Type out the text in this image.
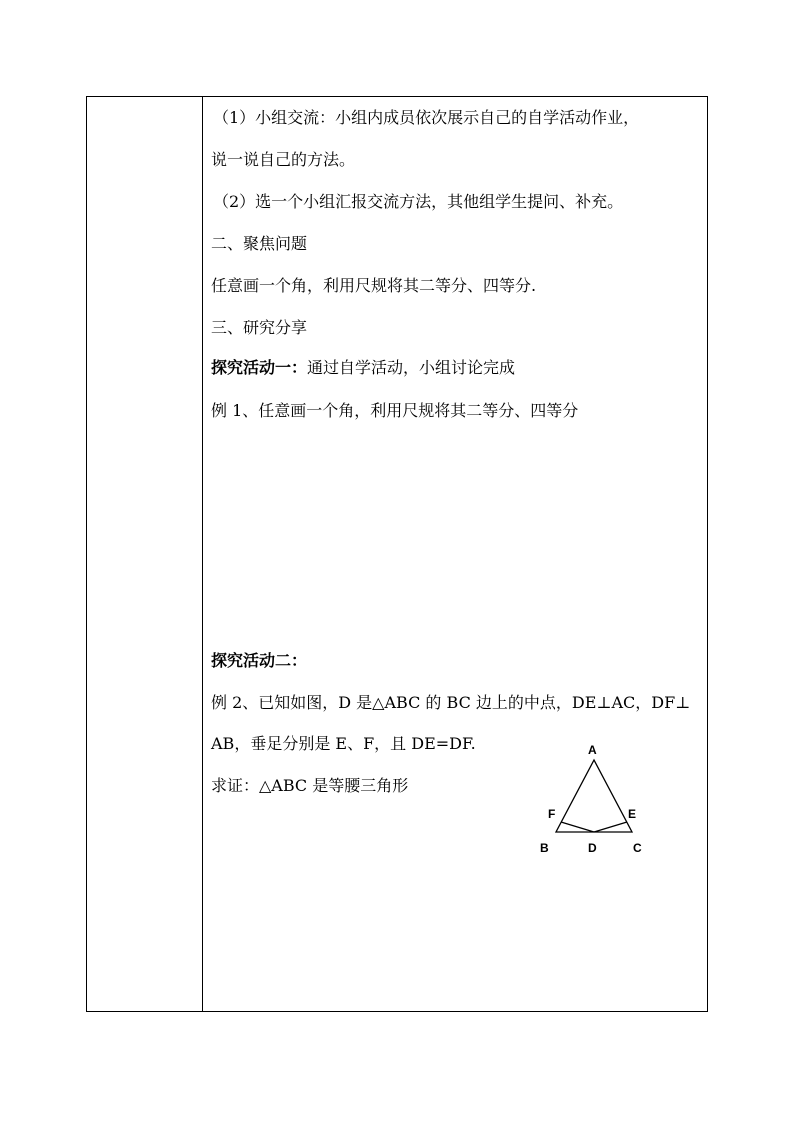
（1）小组交流：小组内成员依次展示自己的自学活动作业，
说一说自己的方法。
（2）选一个小组汇报交流方法，其他组学生提问、补充。
二、聚焦问题
任意画一个角，利用尺规将其二等分、四等分.
三、研究分享
探究活动一：通过自学活动，小组讨论完成
例 1、任意画一个角，利用尺规将其二等分、四等分
探究活动二：
例 2、已知如图，D 是△ABC 的 BC 边上的中点，DE⊥AC，DF⊥
AB，垂足分别是 E、F，且 DE=DF.
求证：△ABC 是等腰三角形
A
B	C
D
E
F
